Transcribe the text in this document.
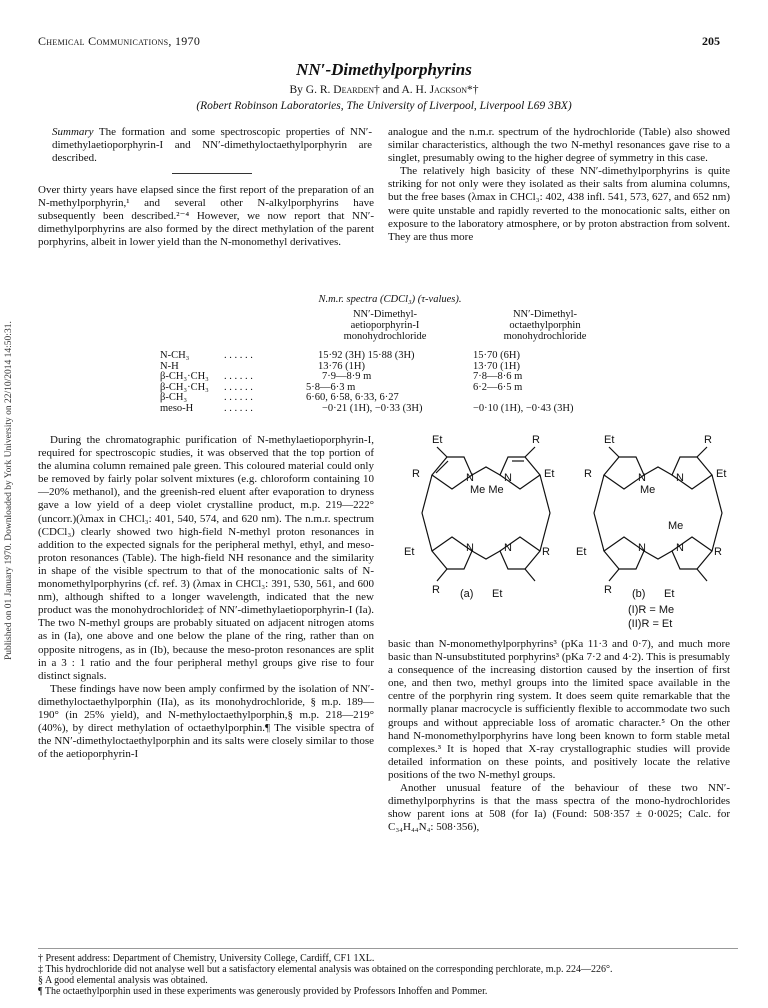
Published on 01 January 1970. Downloaded by York University on 22/10/2014 14:50:31.
Chemical Communications, 1970	205
NN′-Dimethylporphyrins
By G. R. Dearden† and A. H. Jackson*†
(Robert Robinson Laboratories, The University of Liverpool, Liverpool L69 3BX)

Summary The formation and some spectroscopic properties of NN′-dimethylaetioporphyrin-I and NN′-dimethyloctaethylporphyrin are described.

Over thirty years have elapsed since the first report of the preparation of an N-methylporphyrin,¹ and several other N-alkylporphyrins have subsequently been described.²⁻⁴ However, we now report that NN′-dimethylporphyrins are also formed by the direct methylation of the parent porphyrins, albeit in lower yield than the N-monomethyl derivatives.

analogue and the n.m.r. spectrum of the hydrochloride (Table) also showed similar characteristics, although the two N-methyl resonances gave rise to a singlet, presumably owing to the higher degree of symmetry in this case.

The relatively high basicity of these NN′-dimethylporphyrins is quite striking for not only were they isolated as their salts from alumina columns, but the free bases (λmax in CHCl₃: 402, 438 infl. 541, 573, 627, and 652 nm) were quite unstable and rapidly reverted to the monocationic salts, either on exposure to the laboratory atmosphere, or by proton abstraction from solvent. They are thus more

N.m.r. spectra (CDCl₃) (τ-values).
NN′-Dimethyl-
aetioporphyrin-I
monohydrochloride
NN′-Dimethyl-
octaethylporphin
monohydrochloride
N-CH₃	. . . . . .	15·92 (3H) 15·88 (3H)	15·70 (6H)
N-H	13·76 (1H)	13·70 (1H)
β-CH₃·CH₃ . . . . . .	7·9—8·9 m	7·8—8·6 m
β-CH₃·CH₃ . . . . . .	5·8—6·3 m	6·2—6·5 m
β-CH₃	. . . . . .	6·60, 6·58, 6·33, 6·27
meso-H	. . . . . .	−0·21 (1H), −0·33 (3H)	−0·10 (1H), −0·43 (3H)

During the chromatographic purification of N-methylaetioporphyrin-I, required for spectroscopic studies, it was observed that the top portion of the alumina column remained pale green. This coloured material could only be removed by fairly polar solvent mixtures (e.g. chloroform containing 10—20% methanol), and the greenish-red eluent after evaporation to dryness gave a low yield of a deep violet crystalline product, m.p. 219—222° (uncorr.)(λmax in CHCl₃: 401, 540, 574, and 620 nm). The n.m.r. spectrum (CDCl₃) clearly showed two high-field N-methyl proton resonances in addition to the expected signals for the peripheral methyl, ethyl, and meso-proton resonances (Table). The high-field NH resonance and the similarity in shape of the visible spectrum to that of the monocationic salts of N-monomethylporphyrins (cf. ref. 3) (λmax in CHCl₃: 391, 530, 561, and 600 nm), although shifted to a longer wavelength, indicated that the new product was the monohydrochloride‡ of NN′-dimethylaetioporphyrin-I (Ia). The two N-methyl groups are probably situated on adjacent nitrogen atoms as in (Ia), one above and one below the plane of the ring, rather than on opposite nitrogens, as in (Ib), because the meso-proton resonances are split in a 3 : 1 ratio and the four peripheral methyl groups give rise to four distinct signals.

These findings have now been amply confirmed by the isolation of NN′-dimethyloctaethylporphin (IIa), as its monohydrochloride, § m.p. 189—190° (in 25% yield), and N-methyloctaethylporphin,§ m.p. 218—219° (40%), by direct methylation of octaethylporphin.¶ The visible spectra of the NN′-dimethyloctaethylporphin and its salts were closely similar to those of the aetioporphyrin-I

Et	R
R	Et
N	N
Me Me
Et	R
N	N
R (a) Et
Et	R
R	Et
N	N
Me
Me
Et	R
N	N
R (b) Et
(I)R = Me
(II)R = Et

basic than N-monomethylporphyrins³ (pKa 11·3 and 0·7), and much more basic than N-unsubstituted porphyrins³ (pKa 7·2 and 4·2). This is presumably a consequence of the increasing distortion caused by the insertion of first one, and then two, methyl groups into the limited space available in the centre of the porphyrin ring system. It does seem quite remarkable that the normally planar macrocycle is sufficiently flexible to accommodate two such groups and without appreciable loss of aromatic character.⁵ On the other hand N-monomethylporphyrins have long been known to form stable metal complexes.³ It is hoped that X-ray crystallographic studies will provide detailed information on these points, and positively locate the relative positions of the two N-methyl groups.

Another unusual feature of the behaviour of these two NN′-dimethylporphyrins is that the mass spectra of the mono-hydrochlorides show parent ions at 508 (for Ia) (Found: 508·357 ± 0·0025; Calc. for C₃₄H₄₄N₄: 508·356),

† Present address: Department of Chemistry, University College, Cardiff, CF1 1XL.

‡ This hydrochloride did not analyse well but a satisfactory elemental analysis was obtained on the corresponding perchlorate, m.p. 224—226°.

§ A good elemental analysis was obtained.

¶ The octaethylporphin used in these experiments was generously provided by Professors Inhoffen and Pommer.
